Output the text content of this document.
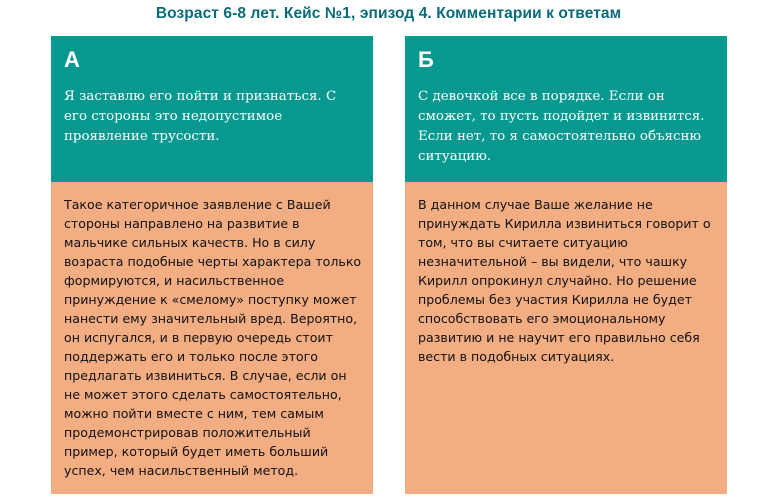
Возраст 6-8 лет. Кейс №1, эпизод 4. Комментарии к ответам
А
Я заставлю его пойти и признаться. С его стороны это недопустимое проявление трусости.
Такое категоричное заявление с Вашей стороны направлено на развитие в мальчике сильных качеств. Но в силу возраста подобные черты характера только формируются, и насильственное принуждение к «смелому» поступку может нанести ему значительный вред. Вероятно, он испугался, и в первую очередь стоит поддержать его и только после этого предлагать извиниться. В случае, если он не может этого сделать самостоятельно, можно пойти вместе с ним, тем самым продемонстрировав положительный пример, который будет иметь больший успех, чем насильственный метод.
Б
С девочкой все в порядке. Если он сможет, то пусть подойдет и извинится. Если нет, то я самостоятельно объясню ситуацию.
В данном случае Ваше желание не принуждать Кирилла извиниться говорит о том, что вы считаете ситуацию незначительной – вы видели, что чашку Кирилл опрокинул случайно. Но решение проблемы без участия Кирилла не будет способствовать его эмоциональному развитию и не научит его правильно себя вести в подобных ситуациях.
